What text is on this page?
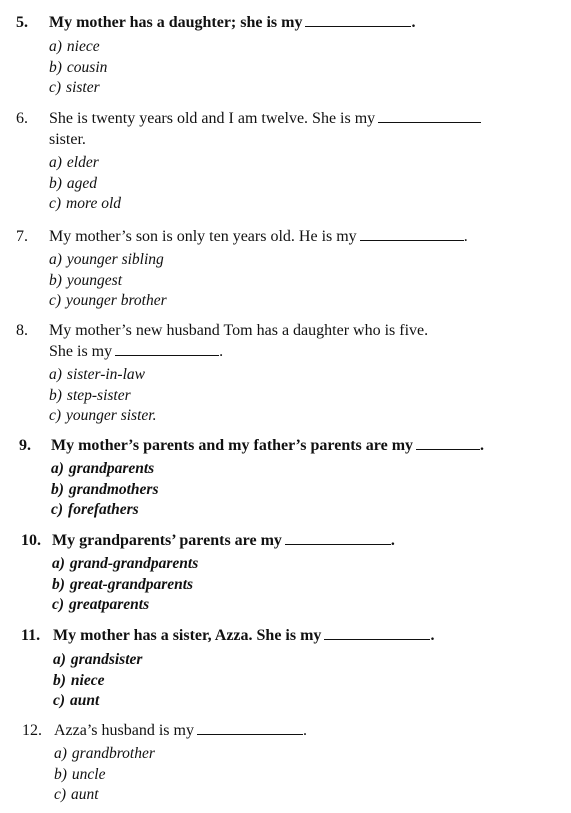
5. My mother has a daughter; she is my	.
a) niece
b) cousin
c) sister
6. She is twenty years old and I am twelve. She is my
sister.
a) elder
b) aged
c) more old
7. My mother’s son is only ten years old. He is my	.
a) younger sibling
b) youngest
c) younger brother
8. My mother’s new husband Tom has a daughter who is five.
She is my	.
a) sister-in-law
b) step-sister
c) younger sister.
9. My mother’s parents and my father’s parents are my	.
a) grandparents
b) grandmothers
c) forefathers
10. My grandparents’ parents are my	.
a) grand-grandparents
b) great-grandparents
c) greatparents
11. My mother has a sister, Azza. She is my	.
a) grandsister
b) niece
c) aunt
12. Azza’s husband is my	.
a) grandbrother
b) uncle
c) aunt
